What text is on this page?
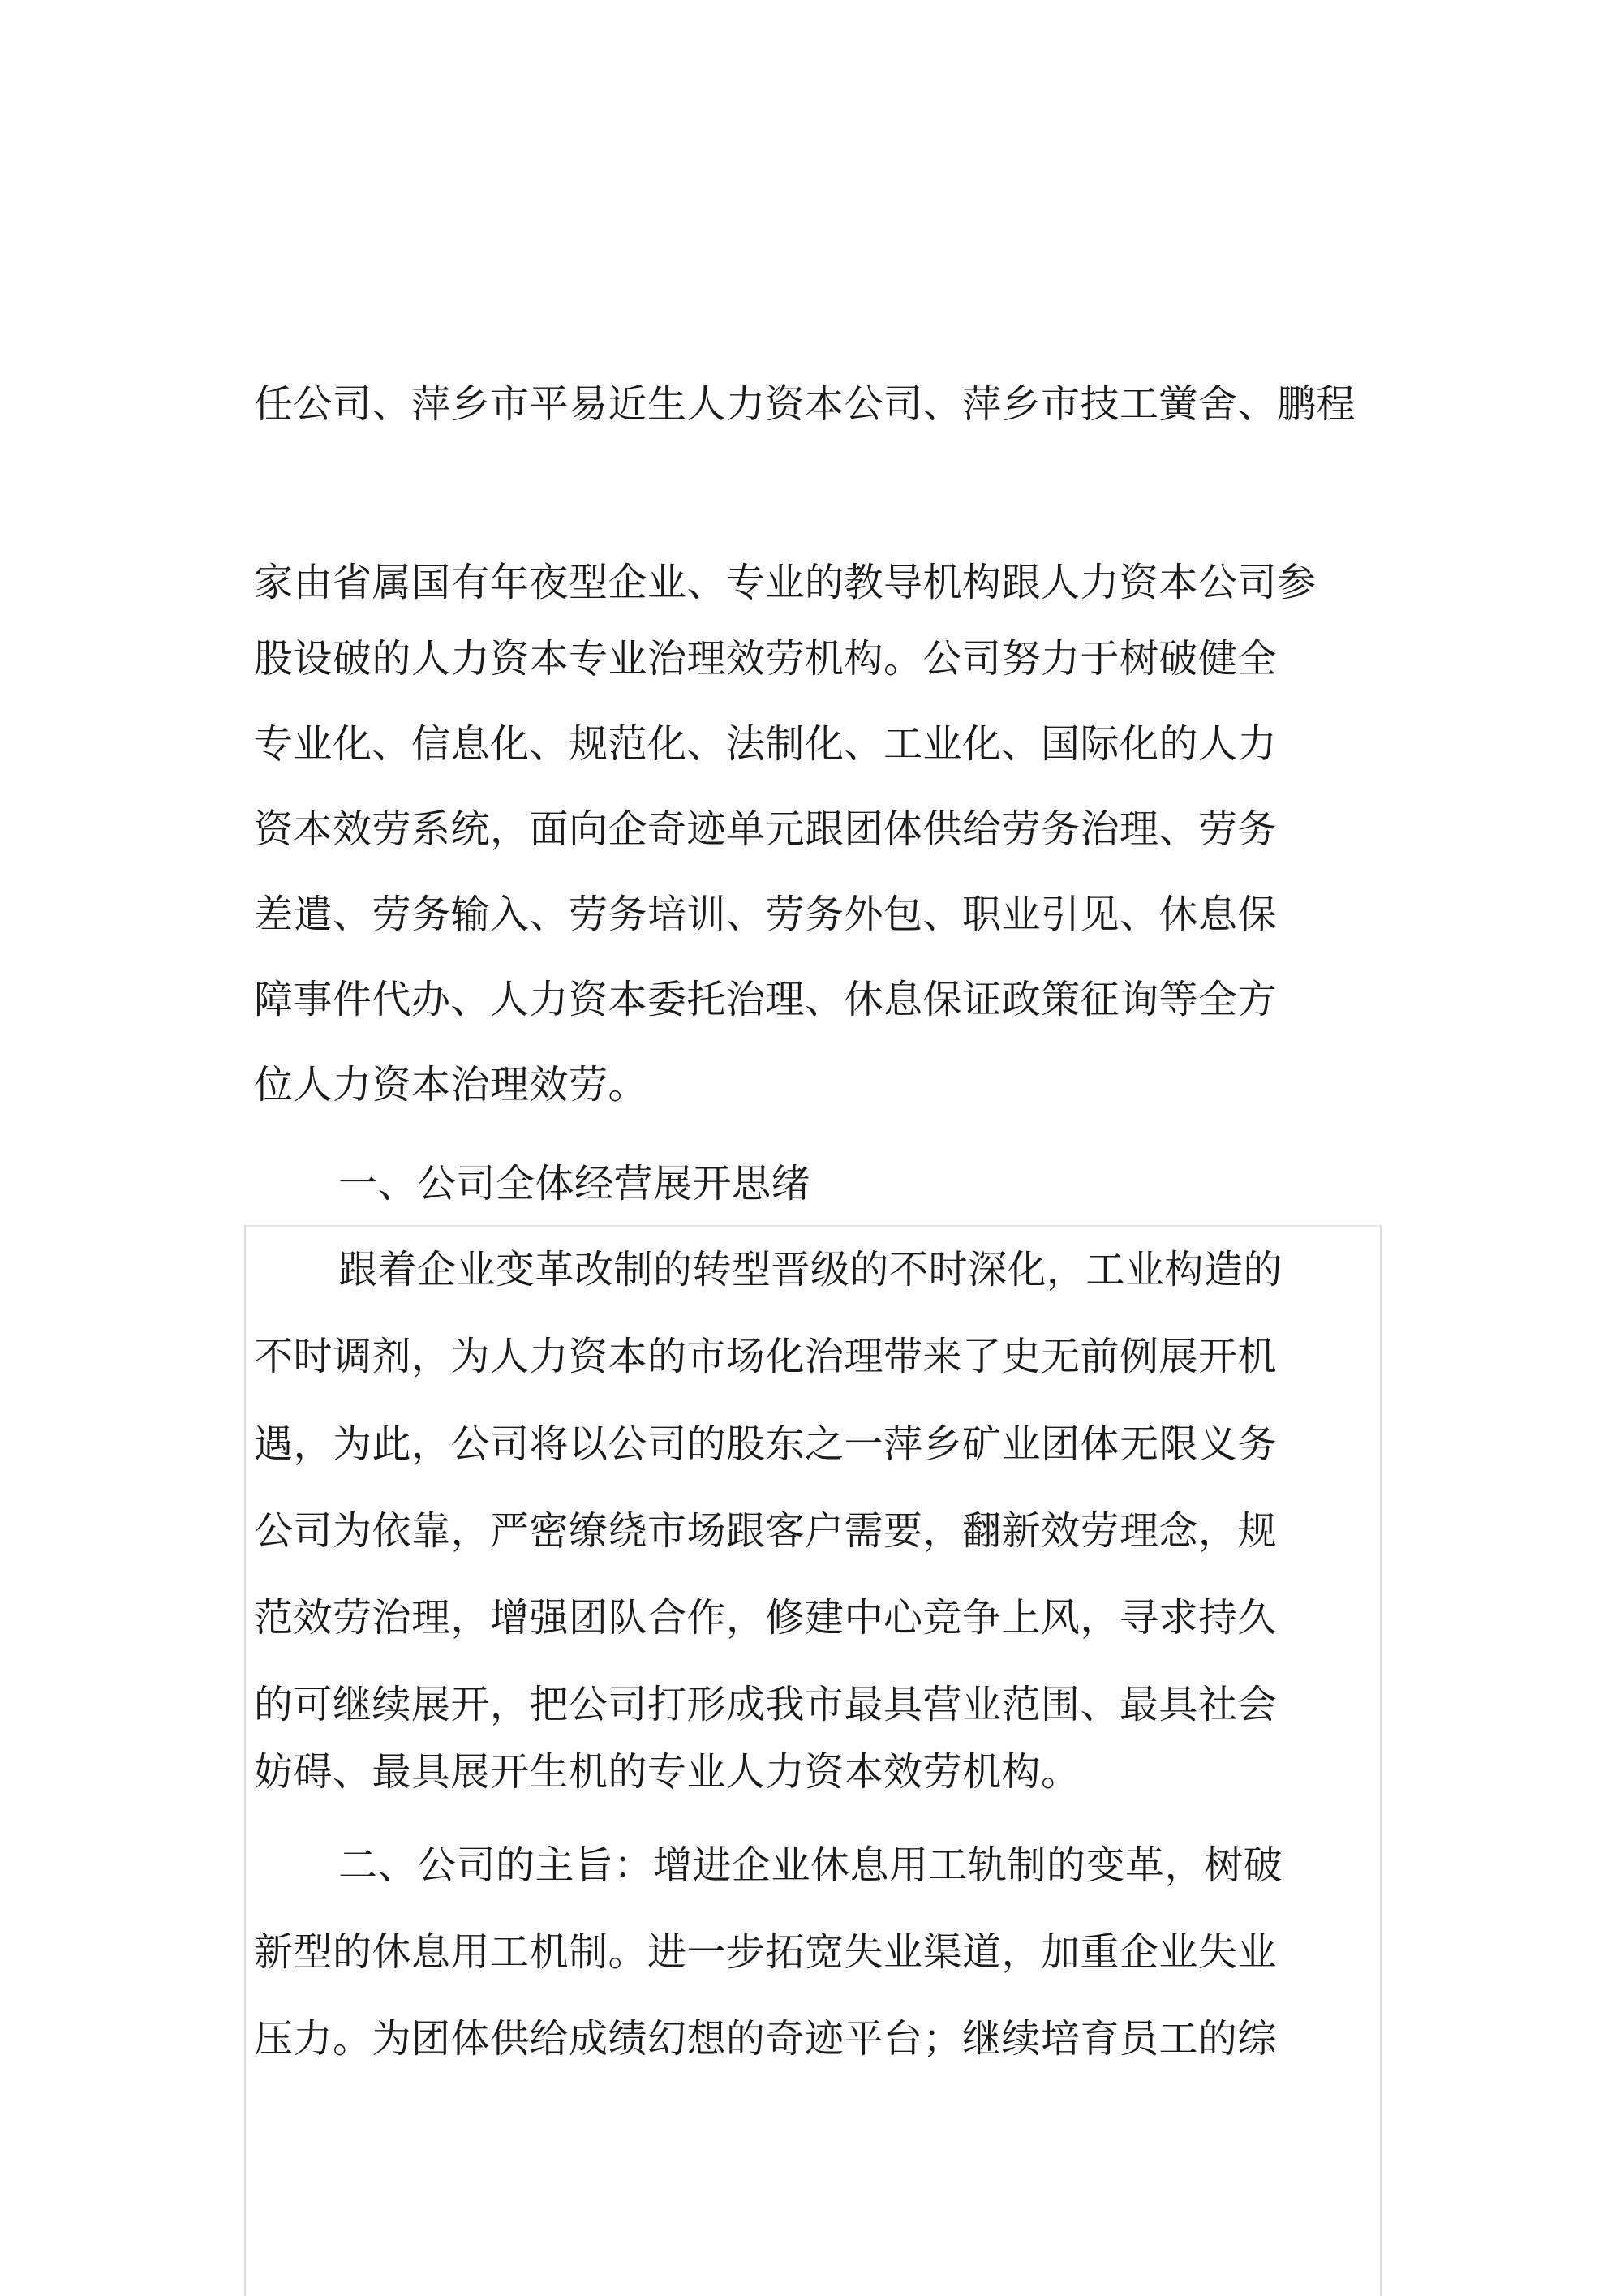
任公司、萍乡市平易近生人力资本公司、萍乡市技工黉舍、鹏程
家由省属国有年夜型企业、专业的教导机构跟人力资本公司参
股设破的人力资本专业治理效劳机构。公司努力于树破健全
专业化、信息化、规范化、法制化、工业化、国际化的人力
资本效劳系统，面向企奇迹单元跟团体供给劳务治理、劳务
差遣、劳务输入、劳务培训、劳务外包、职业引见、休息保
障事件代办、人力资本委托治理、休息保证政策征询等全方
位人力资本治理效劳。
一、公司全体经营展开思绪
跟着企业变革改制的转型晋级的不时深化，工业构造的
不时调剂，为人力资本的市场化治理带来了史无前例展开机
遇，为此，公司将以公司的股东之一萍乡矿业团体无限义务
公司为依靠，严密缭绕市场跟客户需要，翻新效劳理念，规
范效劳治理，增强团队合作，修建中心竞争上风，寻求持久
的可继续展开，把公司打形成我市最具营业范围、最具社会
妨碍、最具展开生机的专业人力资本效劳机构。
二、公司的主旨：增进企业休息用工轨制的变革，树破
新型的休息用工机制。进一步拓宽失业渠道，加重企业失业
压力。为团体供给成绩幻想的奇迹平台；继续培育员工的综
